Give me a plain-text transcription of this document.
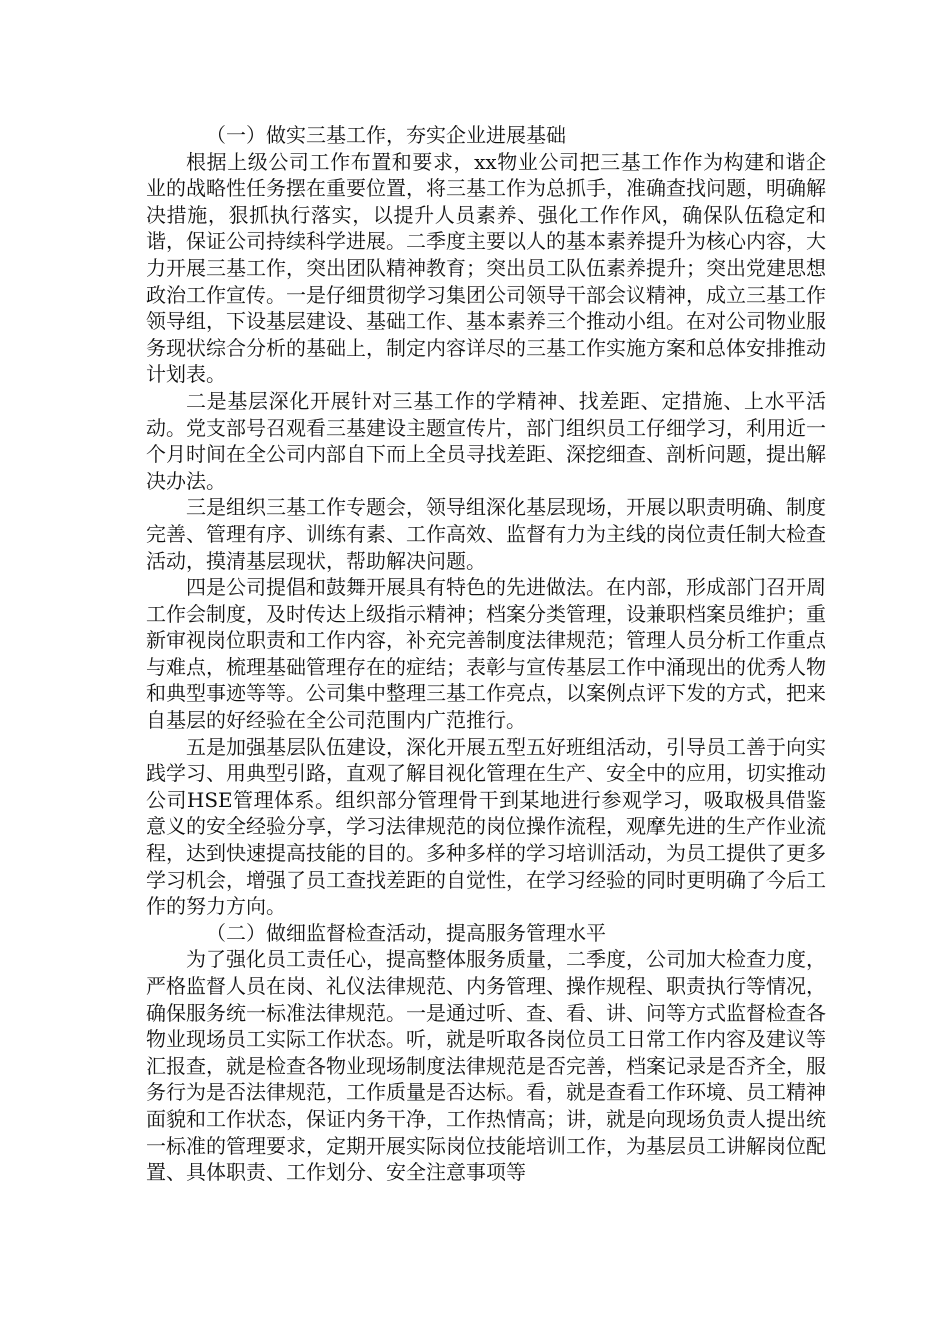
（一）做实三基工作，夯实企业进展基础

根据上级公司工作布置和要求，xx物业公司把三基工作作为构建和谐企业的战略性任务摆在重要位置，将三基工作为总抓手，准确查找问题，明确解决措施，狠抓执行落实，以提升人员素养、强化工作作风，确保队伍稳定和谐，保证公司持续科学进展。二季度主要以人的基本素养提升为核心内容，大力开展三基工作，突出团队精神教育；突出员工队伍素养提升；突出党建思想政治工作宣传。一是仔细贯彻学习集团公司领导干部会议精神，成立三基工作领导组，下设基层建设、基础工作、基本素养三个推动小组。在对公司物业服务现状综合分析的基础上，制定内容详尽的三基工作实施方案和总体安排推动计划表。

二是基层深化开展针对三基工作的学精神、找差距、定措施、上水平活动。党支部号召观看三基建设主题宣传片，部门组织员工仔细学习，利用近一个月时间在全公司内部自下而上全员寻找差距、深挖细查、剖析问题，提出解决办法。

三是组织三基工作专题会，领导组深化基层现场，开展以职责明确、制度完善、管理有序、训练有素、工作高效、监督有力为主线的岗位责任制大检查活动，摸清基层现状，帮助解决问题。

四是公司提倡和鼓舞开展具有特色的先进做法。在内部，形成部门召开周工作会制度，及时传达上级指示精神；档案分类管理，设兼职档案员维护；重新审视岗位职责和工作内容，补充完善制度法律规范；管理人员分析工作重点与难点，梳理基础管理存在的症结；表彰与宣传基层工作中涌现出的优秀人物和典型事迹等等。公司集中整理三基工作亮点，以案例点评下发的方式，把来自基层的好经验在全公司范围内广范推行。

五是加强基层队伍建设，深化开展五型五好班组活动，引导员工善于向实践学习、用典型引路，直观了解目视化管理在生产、安全中的应用，切实推动公司HSE管理体系。组织部分管理骨干到某地进行参观学习，吸取极具借鉴意义的安全经验分享，学习法律规范的岗位操作流程，观摩先进的生产作业流程，达到快速提高技能的目的。多种多样的学习培训活动，为员工提供了更多学习机会，增强了员工查找差距的自觉性，在学习经验的同时更明确了今后工作的努力方向。

（二）做细监督检查活动，提高服务管理水平

为了强化员工责任心，提高整体服务质量，二季度，公司加大检查力度，严格监督人员在岗、礼仪法律规范、内务管理、操作规程、职责执行等情况，确保服务统一标准法律规范。一是通过听、查、看、讲、问等方式监督检查各物业现场员工实际工作状态。听，就是听取各岗位员工日常工作内容及建议等汇报查，就是检查各物业现场制度法律规范是否完善，档案记录是否齐全，服务行为是否法律规范，工作质量是否达标。看，就是查看工作环境、员工精神面貌和工作状态，保证内务干净，工作热情高；讲，就是向现场负责人提出统一标准的管理要求，定期开展实际岗位技能培训工作，为基层员工讲解岗位配置、具体职责、工作划分、安全注意事项等
